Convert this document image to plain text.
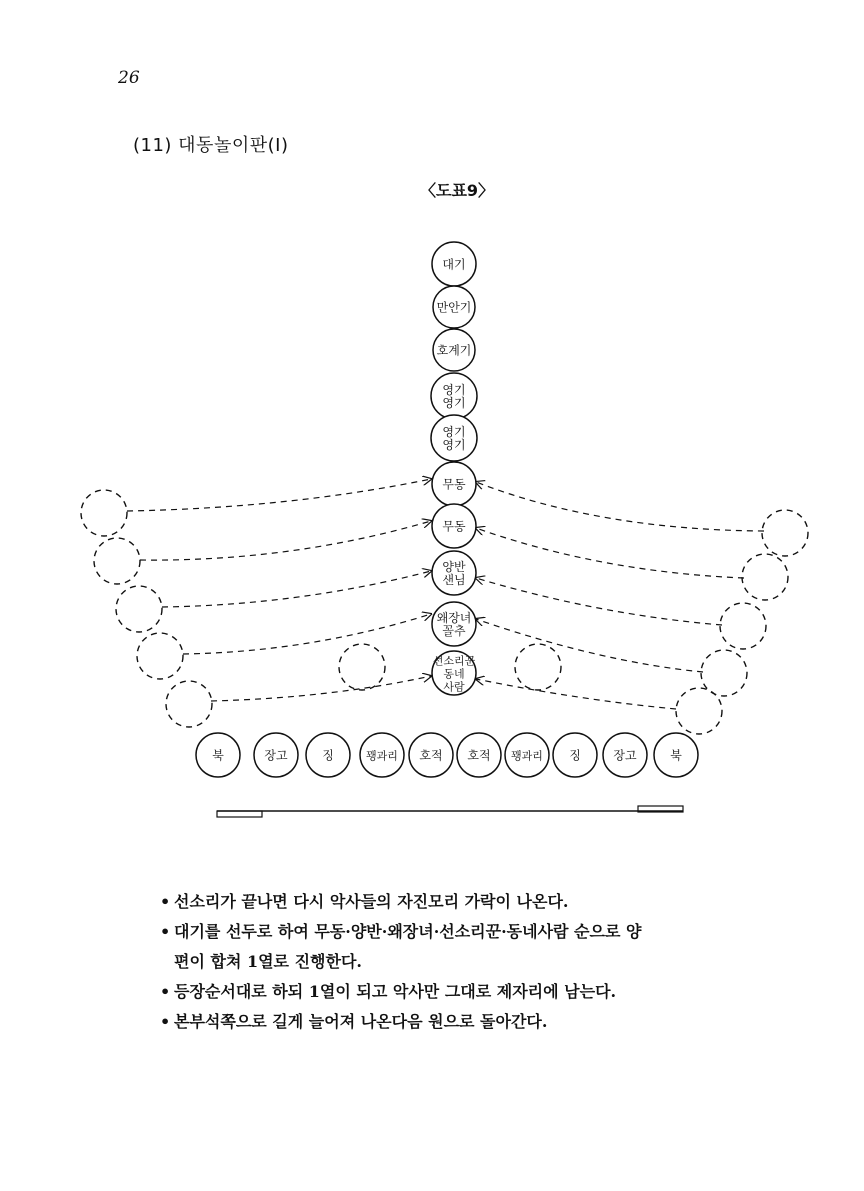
26
(11) 대동놀이판(I)
〈도표9〉
대기
만안기
호계기
영기
영기
영기
영기
무동
무동
양반
샌님
왜장녀
꼴추
선소리꾼
동네
사람
북	장고	징	꽹과리 호적 호적 꽹과리 징	장고	북
• 선소리가 끝나면 다시 악사들의 자진모리 가락이 나온다.
• 대기를 선두로 하여 무동·양반·왜장녀·선소리꾼·동네사람 순으로 양
편이 합쳐 1열로 진행한다.
• 등장순서대로 하되 1열이 되고 악사만 그대로 제자리에 남는다.
• 본부석쪽으로 길게 늘어져 나온다음 원으로 돌아간다.
